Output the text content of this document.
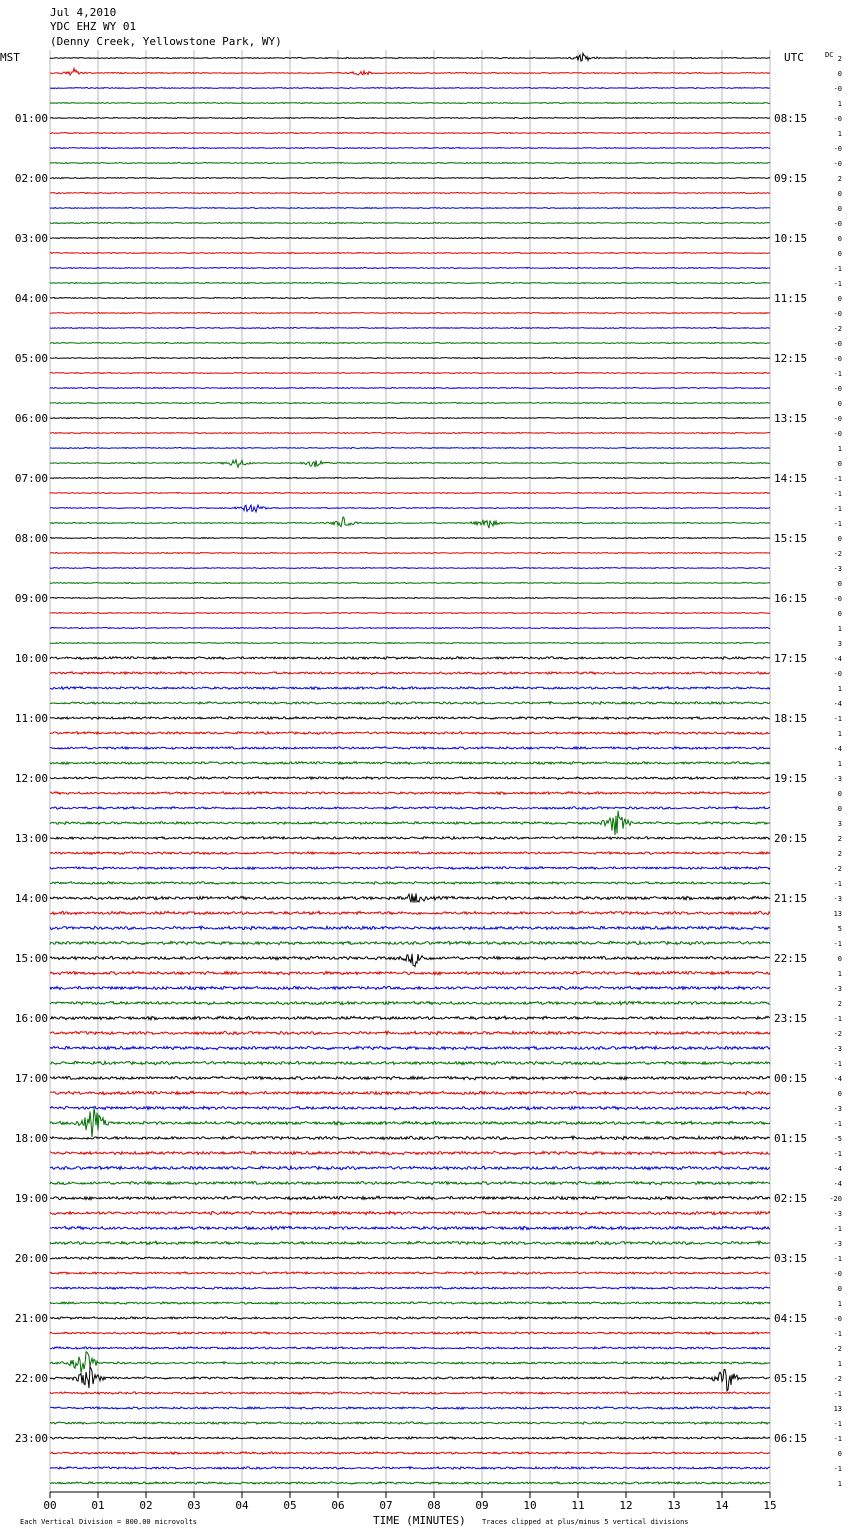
00	01	02	03	04	05	06	07	08	09	10	11	12	13	14	15
2
0
-0
1
-0
1
-0
-0
2
0
0
-0
0
0
-1
-1
0
-0
-2
-0
-0
-1
-0
0
-0
-0
1
0
-1
-1
-1
-1
0
-2
-3
0
-0
0
1
3
-4
-0
1
-4
-1
1
-4
1
-3
0
0
3
2
2
-2
-1
-3
13
5
-1
0
1
-3
2
-1
-2
-3
-1
-4
0
-3
-1
-5
-1
-4
-4
-20
-3
-1
-3
-1
-0
0
1
-0
-1
-2
1
-2
-1
13
-1
-1
0
-1
1
01:00
02:00
03:00
04:00
05:00
06:00
07:00
08:00
09:00
10:00
11:00
12:00
13:00
14:00
15:00
16:00
17:00
18:00
19:00
20:00
21:00
22:00
23:00
08:15
09:15
10:15
11:15
12:15
13:15
14:15
15:15
16:15
17:15
18:15
19:15
20:15
21:15
22:15
23:15
00:15
01:15
02:15
03:15
04:15
05:15
06:15
Jul 4,2010
YDC EHZ WY 01
(Denny Creek, Yellowstone Park, WY)
MST	UTC	DC
TIME (MINUTES)
Each Vertical Division = 800.00 microvolts	Traces clipped at plus/minus 5 vertical divisions
